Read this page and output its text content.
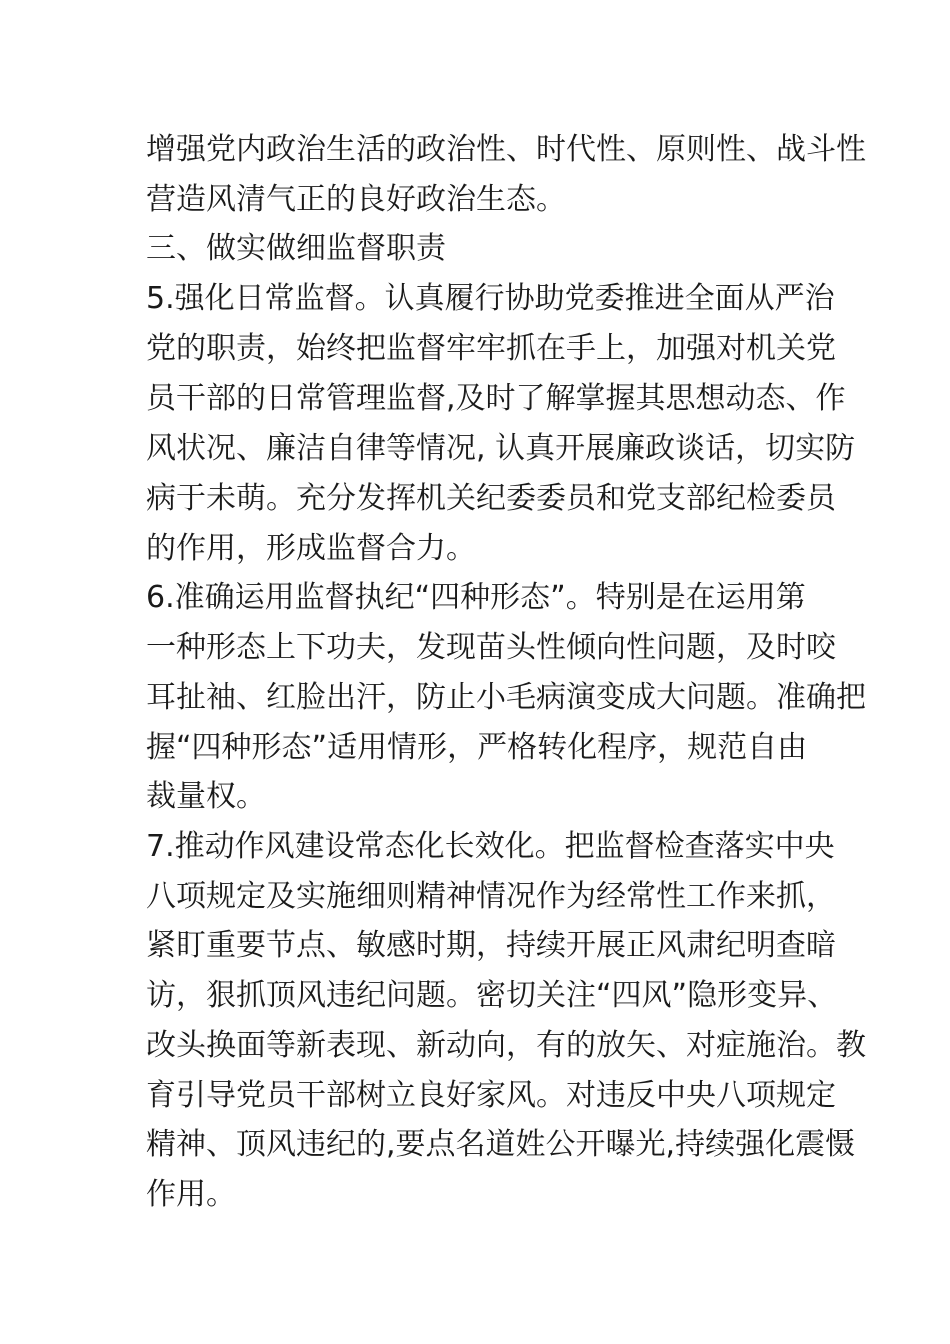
增强党内政治生活的政治性、时代性、原则性、战斗性
营造风清气正的良好政治生态。
三、做实做细监督职责
5.强化日常监督。认真履行协助党委推进全面从严治
党的职责，始终把监督牢牢抓在手上，加强对机关党
员干部的日常管理监督,及时了解掌握其思想动态、作
风状况、廉洁自律等情况, 认真开展廉政谈话，切实防
病于未萌。充分发挥机关纪委委员和党支部纪检委员
的作用，形成监督合力。
6.准确运用监督执纪“四种形态”。特别是在运用第
一种形态上下功夫，发现苗头性倾向性问题，及时咬
耳扯袖、红脸出汗，防止小毛病演变成大问题。准确把
握“四种形态”适用情形，严格转化程序，规范自由
裁量权。
7.推动作风建设常态化长效化。把监督检查落实中央
八项规定及实施细则精神情况作为经常性工作来抓，
紧盯重要节点、敏感时期，持续开展正风肃纪明查暗
访，狠抓顶风违纪问题。密切关注“四风”隐形变异、
改头换面等新表现、新动向，有的放矢、对症施治。教
育引导党员干部树立良好家风。对违反中央八项规定
精神、顶风违纪的,要点名道姓公开曝光,持续强化震慑
作用。
